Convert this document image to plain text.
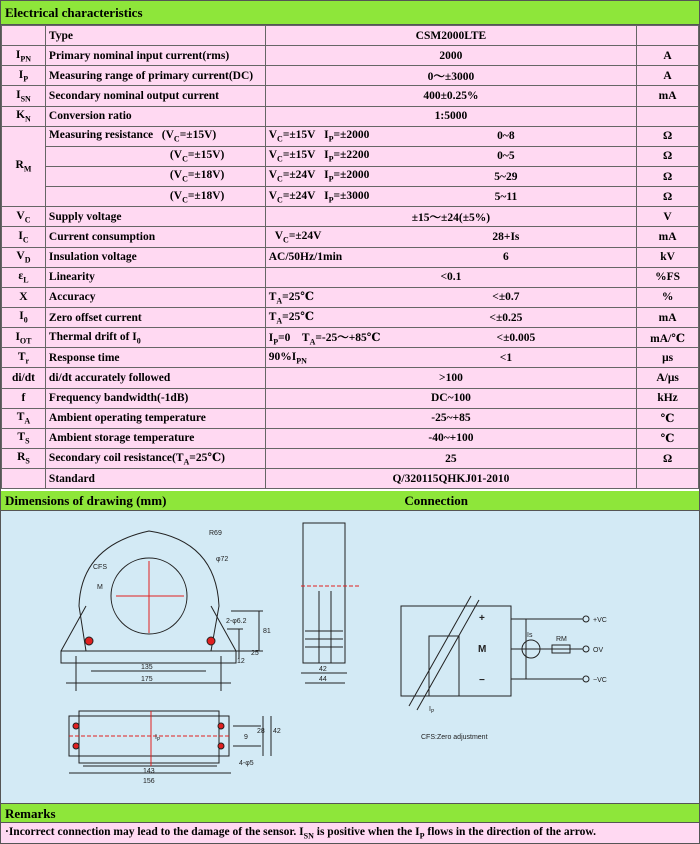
Electrical characteristics
	Type	CSM2000LTE	
$I_{PN}$	Primary nominal input current(rms)	2000	A
$I_P$	Measuring range of primary current(DC)	0～±3000	A
$I_{SN}$	Secondary nominal output current	400±0.25%	mA
$K_N$	Conversion ratio	1:5000	
$R_M$	Measuring resistance $(V_C=\pm 15V)$	$V_C=\pm 15V$ $I_P=\pm 2000$ 0~8	Ω
	$(V_C=\pm 15V)$	$V_C=\pm 15V$ $I_P=\pm 2200$ 0~5	Ω
	$(V_C=\pm 18V)$	$V_C=\pm 24V$ $I_P=\pm 2000$ 5~29	Ω
	$(V_C=\pm 18V)$	$V_C=\pm 24V$ $I_P=\pm 3000$ 5~11	Ω
$V_C$	Supply voltage	±15～±24(±5%)	V
$I_C$	Current consumption	$V_C=\pm 24V$ 28+Is	mA
$V_D$	Insulation voltage	AC/50Hz/1min 6	kV
$\varepsilon_L$	Linearity	<0.1	%FS
X	Accuracy	$T_A=25℃ <\pm 0.7$	%
$I_0$	Zero offset current	$T_A=25℃ <\pm 0.25$	mA
$I_{OT}$	Thermal drift of $I_0$	$I_P=0$ $T_A=-25\sim+85℃ <\pm 0.005$	mA/℃
$T_r$	Response time	$90\%I_{PN} <1$	μs
di/dt	di/dt accurately followed	>100	A/μs
f	Frequency bandwidth(-1dB)	DC~100	kHz
$T_A$	Ambient operating temperature	-25~+85	℃
$T_S$	Ambient storage temperature	-40~+100	℃
$R_S$	Secondary coil $resistance(T_A=25℃)$	25	Ω
	Standard	Q/320115QHKJ01-2010	
Dimensions of drawing (mm)	Connection
R69
φ72
CFS
M
2-φ6.2
81
25
12
135
175
42
44
$I_P$	9
28 42
4-φ5
143
156
+
M
−
Is
RM
+VC
OV
−VC
$I_P$
CFS:Zero adjustment
Remarks
·Incorrect connection may lead to the damage of the sensor. $I_{SN}$ is positive when the $I_P$ flows in the direction of the arrow.
